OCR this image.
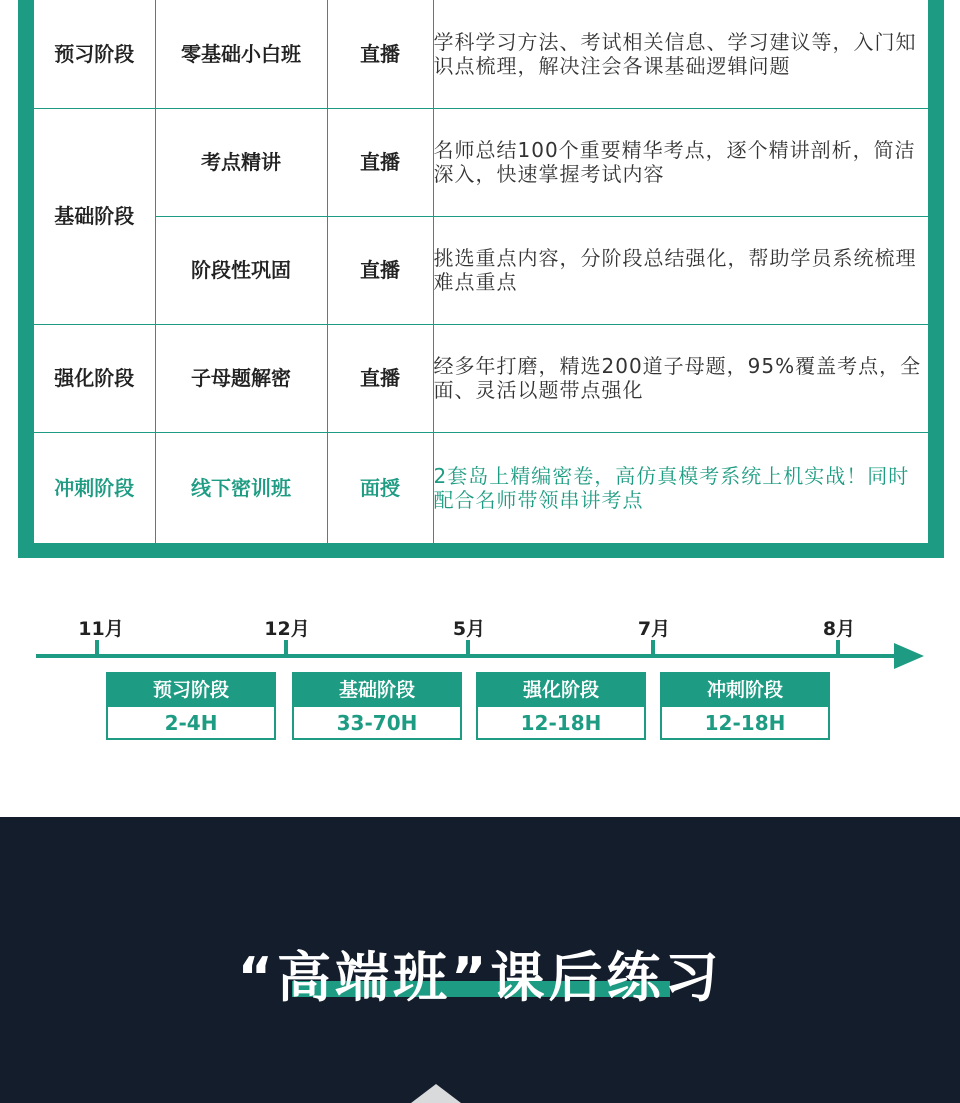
预习阶段	零基础小白班	直播	学科学习方法、考试相关信息、学习建议等，入门知识点梳理，解决注会各课基础逻辑问题
基础阶段	考点精讲	直播	名师总结100个重要精华考点，逐个精讲剖析，简洁深入，快速掌握考试内容
	阶段性巩固	直播	挑选重点内容，分阶段总结强化，帮助学员系统梳理难点重点
强化阶段	子母题解密	直播	经多年打磨，精选200道子母题，95%覆盖考点，全面、灵活以题带点强化
冲刺阶段	线下密训班	面授	2套岛上精编密卷，高仿真模考系统上机实战！同时配合名师带领串讲考点
11月	12月	5月	7月	8月
预习阶段
2-4H
基础阶段
33-70H
强化阶段
12-18H
冲刺阶段
12-18H
“高端班”课后练习
